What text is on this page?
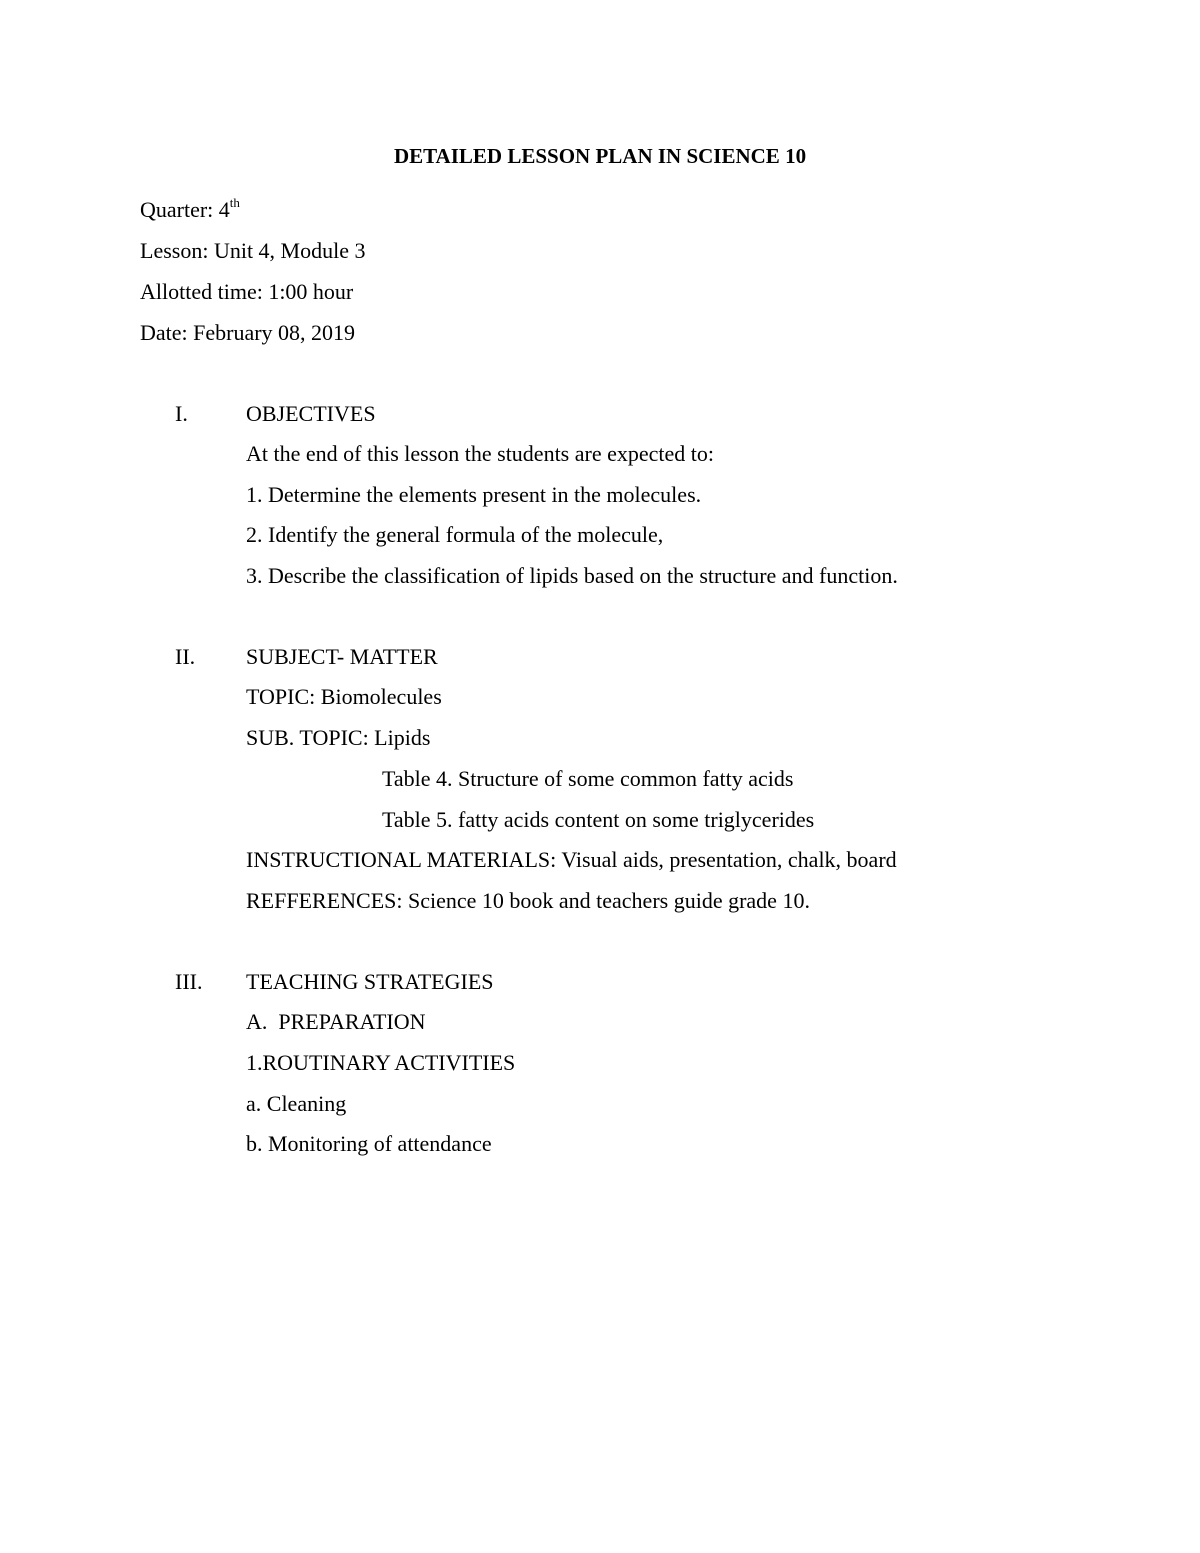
DETAILED LESSON PLAN IN SCIENCE 10
Quarter: 4th
Lesson: Unit 4, Module 3
Allotted time: 1:00 hour
Date: February 08, 2019
I.	OBJECTIVES
At the end of this lesson the students are expected to:
1. Determine the elements present in the molecules.
2. Identify the general formula of the molecule,
3. Describe the classification of lipids based on the structure and function.
II. SUBJECT- MATTER
TOPIC: Biomolecules
SUB. TOPIC: Lipids
Table 4. Structure of some common fatty acids
Table 5. fatty acids content on some triglycerides
INSTRUCTIONAL MATERIALS: Visual aids, presentation, chalk, board
REFFERENCES: Science 10 book and teachers guide grade 10.
III. TEACHING STRATEGIES
A.  PREPARATION
1.ROUTINARY ACTIVITIES
a. Cleaning
b. Monitoring of attendance
